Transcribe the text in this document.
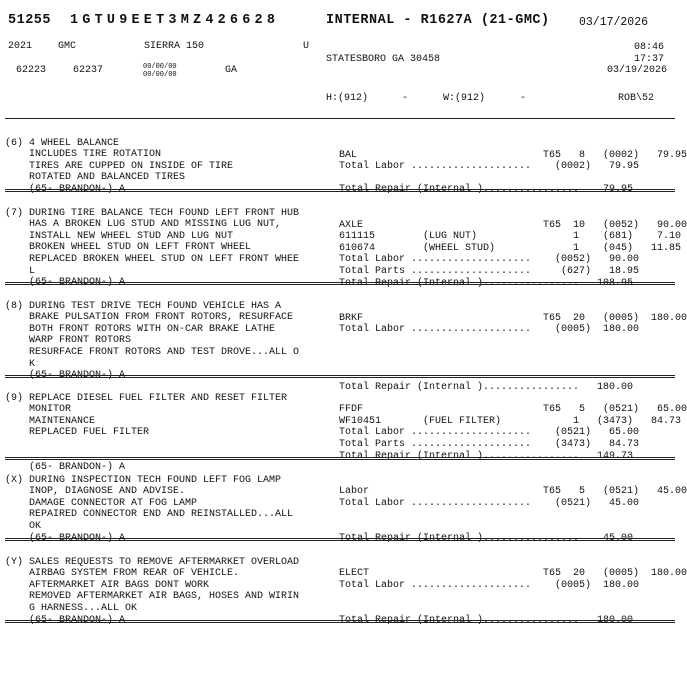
51255 1GTU9EET3MZ426628	INTERNAL - R1627A (21-GMC)	03/17/2026
2021	GMC	SIERRA 150	U	08:46
17:37
STATESBORO GA 30458
62223	62237	00/00/00
00/00/00	GA	03/19/2026
H:(912)	-	W:(912)	-	ROB\52

(6) 4 WHEEL BALANCE
INCLUDES TIRE ROTATION
TIRES ARE CUPPED ON INSIDE OF TIRE
ROTATED AND BALANCED TIRES
(65- BRANDON-) A

BAL                               T65   8   (0002)   79.95
Total Labor ....................    (0002)   79.95

Total Repair (Internal )................    79.95

(7) DURING TIRE BALANCE TECH FOUND LEFT FRONT HUB
HAS A BROKEN LUG STUD AND MISSING LUG NUT,
INSTALL NEW WHEEL STUD AND LUG NUT
BROKEN WHEEL STUD ON LEFT FRONT WHEEL
REPLACED BROKEN WHEEL STUD ON LEFT FRONT WHEE
L
(65- BRANDON-) A

AXLE                              T65  10   (0052)   90.00
611115        (LUG NUT)                1    (681)    7.10
610674        (WHEEL STUD)             1    (045)   11.85
Total Labor ....................    (0052)   90.00
Total Parts ....................     (627)   18.95
Total Repair (Internal )................   108.95

(8) DURING TEST DRIVE TECH FOUND VEHICLE HAS A
BRAKE PULSATION FROM FRONT ROTORS, RESURFACE
BOTH FRONT ROTORS WITH ON-CAR BRAKE LATHE
WARP FRONT ROTORS
RESURFACE FRONT ROTORS AND TEST DROVE...ALL O
K
(65- BRANDON-) A

BRKF                              T65  20   (0005)  180.00
Total Labor ....................    (0005)  180.00

Total Repair (Internal )................   180.00

(9) REPLACE DIESEL FUEL FILTER AND RESET FILTER
MONITOR
MAINTENANCE
REPLACED FUEL FILTER

(65- BRANDON-) A

FFDF                              T65   5   (0521)   65.00
WF10451       (FUEL FILTER)            1   (3473)   84.73
Total Labor ....................    (0521)   65.00
Total Parts ....................    (3473)   84.73
Total Repair (Internal )................   149.73

(X) DURING INSPECTION TECH FOUND LEFT FOG LAMP
INOP, DIAGNOSE AND ADVISE.
DAMAGE CONNECTOR AT FOG LAMP
REPAIRED CONNECTOR END AND REINSTALLED...ALL
OK
(65- BRANDON-) A

Labor                             T65   5   (0521)   45.00
Total Labor ....................    (0521)   45.00

Total Repair (Internal )................    45.00

(Y) SALES REQUESTS TO REMOVE AFTERMARKET OVERLOAD
AIRBAG SYSTEM FROM REAR OF VEHICLE.
AFTERMARKET AIR BAGS DONT WORK
REMOVED AFTERMARKET AIR BAGS, HOSES AND WIRIN
G HARNESS...ALL OK
(65- BRANDON-) A

ELECT                             T65  20   (0005)  180.00
Total Labor ....................    (0005)  180.00

Total Repair (Internal )................   180.00
